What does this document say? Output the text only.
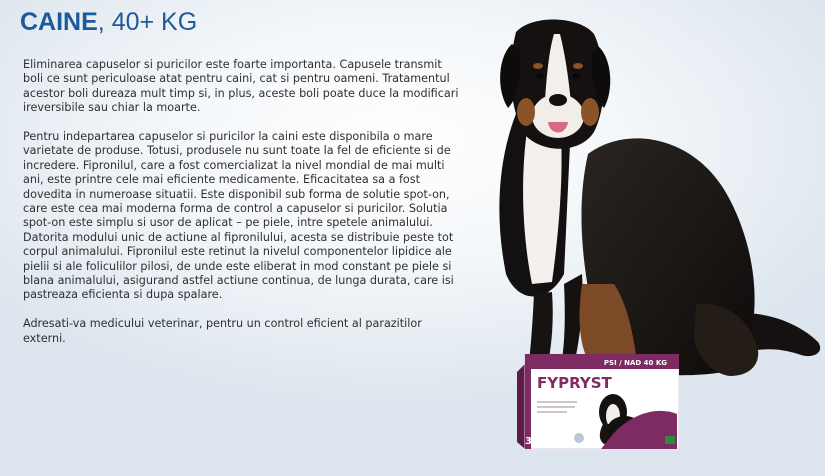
CAINE, 40+ KG

Eliminarea capuselor si puricilor este foarte importanta. Capusele transmit boli ce sunt periculoase atat pentru caini, cat si pentru oameni. Tratamentul acestor boli dureaza mult timp si, in plus, aceste boli poate duce la modificari ireversibile sau chiar la moarte.

Pentru indepartarea capuselor si puricilor la caini este disponibila o mare varietate de produse. Totusi, produsele nu sunt toate la fel de eficiente si de incredere. Fipronilul, care a fost comercializat la nivel mondial de mai multi ani, este printre cele mai eficiente medicamente. Eficacitatea sa a fost dovedita in numeroase situatii. Este disponibil sub forma de solutie spot-on, care este cea mai moderna forma de control a capuselor si puricilor. Solutia spot-on este simplu si usor de aplicat – pe piele, intre spetele animalului. Datorita modului unic de actiune al fipronilului, acesta se distribuie peste tot corpul animalului. Fipronilul este retinut la nivelul componentelor lipidice ale pielii si ale foliculilor pilosi, de unde este eliberat in mod constant pe piele si blana animalului, asigurand astfel actiune continua, de lunga durata, care isi pastreaza eficienta si dupa spalare.

Adresati-va medicului veterinar, pentru un control eficient al parazitilor externi.

PSI / NAD 40 KG
FYPRYST
3
